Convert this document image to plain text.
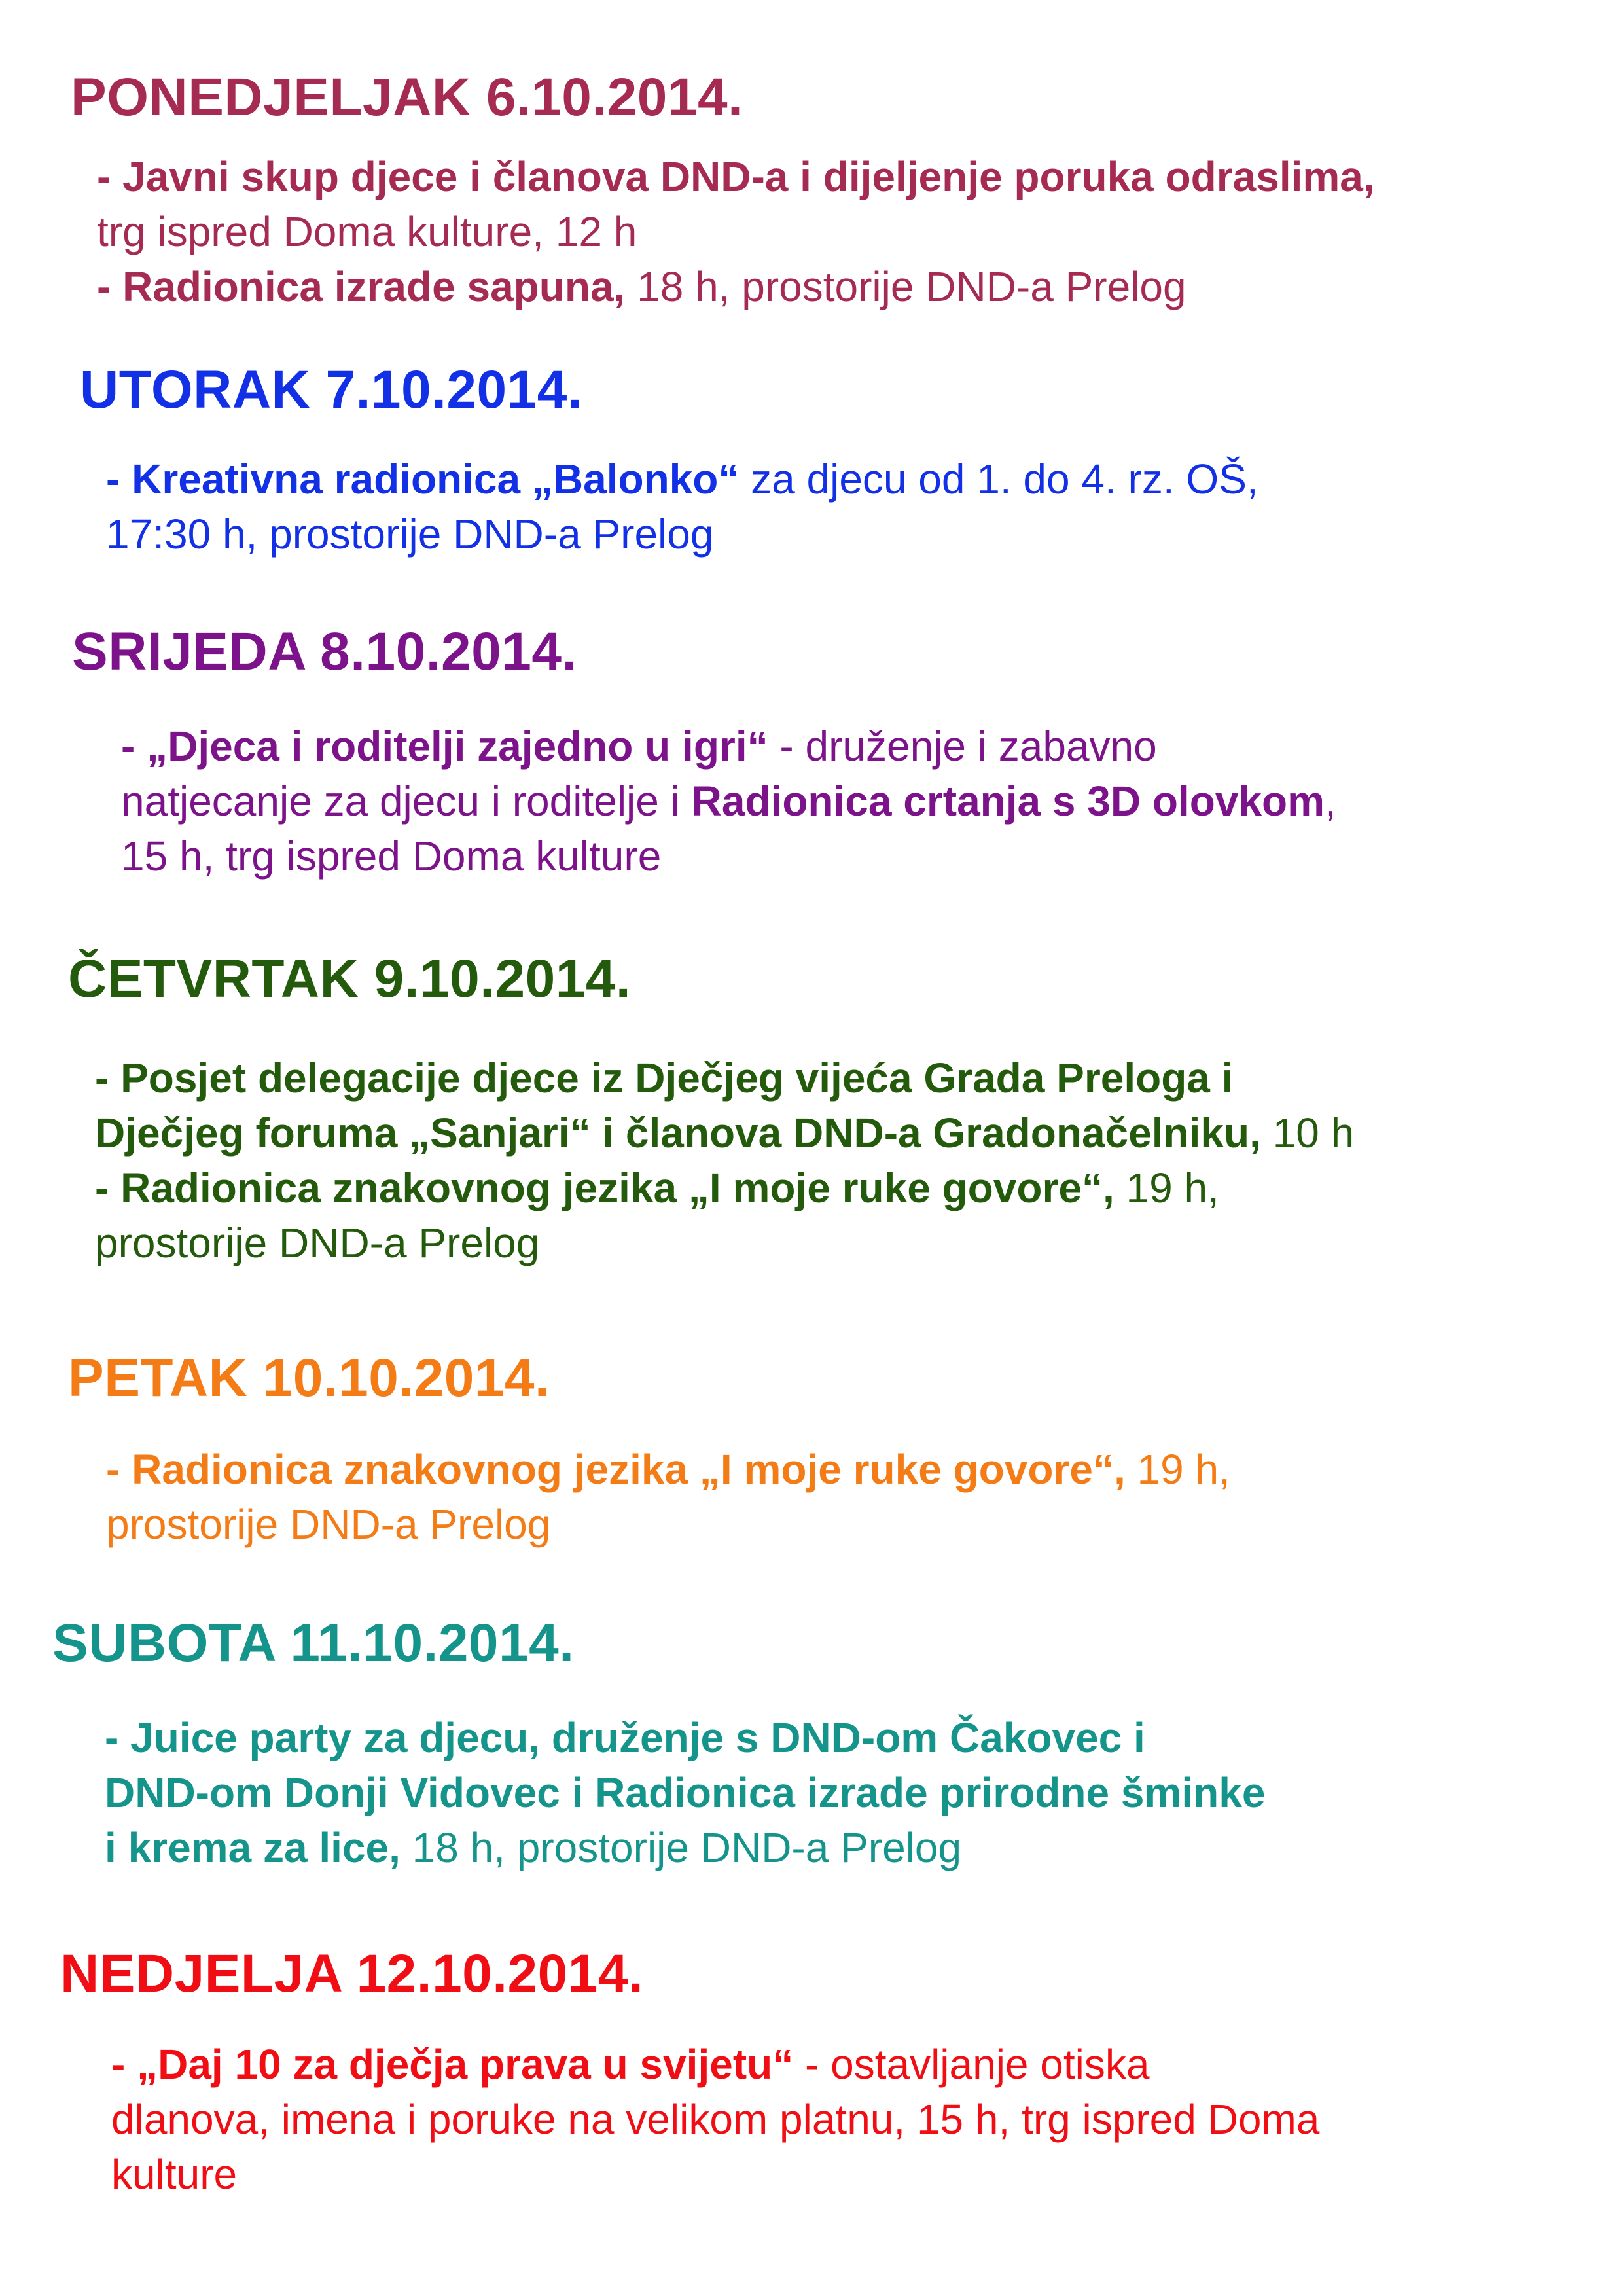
PONEDJELJAK 6.10.2014.
- Javni skup djece i članova DND-a i dijeljenje poruka odraslima,
trg ispred Doma kulture, 12 h
- Radionica izrade sapuna, 18 h, prostorije DND-a Prelog
UTORAK 7.10.2014.
- Kreativna radionica „Balonko“ za djecu od 1. do 4. rz. OŠ,
17:30 h, prostorije DND-a Prelog
SRIJEDA 8.10.2014.
- „Djeca i roditelji zajedno u igri“ - druženje i zabavno
natjecanje za djecu i roditelje i Radionica crtanja s 3D olovkom,
15 h, trg ispred Doma kulture
ČETVRTAK 9.10.2014.
- Posjet delegacije djece iz Dječjeg vijeća Grada Preloga i
Dječjeg foruma „Sanjari“ i članova DND-a Gradonačelniku, 10 h
- Radionica znakovnog jezika „I moje ruke govore“, 19 h,
prostorije DND-a Prelog
PETAK 10.10.2014.
- Radionica znakovnog jezika „I moje ruke govore“, 19 h,
prostorije DND-a Prelog
SUBOTA 11.10.2014.
- Juice party za djecu, druženje s DND-om Čakovec i
DND-om Donji Vidovec i Radionica izrade prirodne šminke
i krema za lice, 18 h, prostorije DND-a Prelog
NEDJELJA 12.10.2014.
- „Daj 10 za dječja prava u svijetu“ - ostavljanje otiska
dlanova, imena i poruke na velikom platnu, 15 h, trg ispred Doma
kulture
